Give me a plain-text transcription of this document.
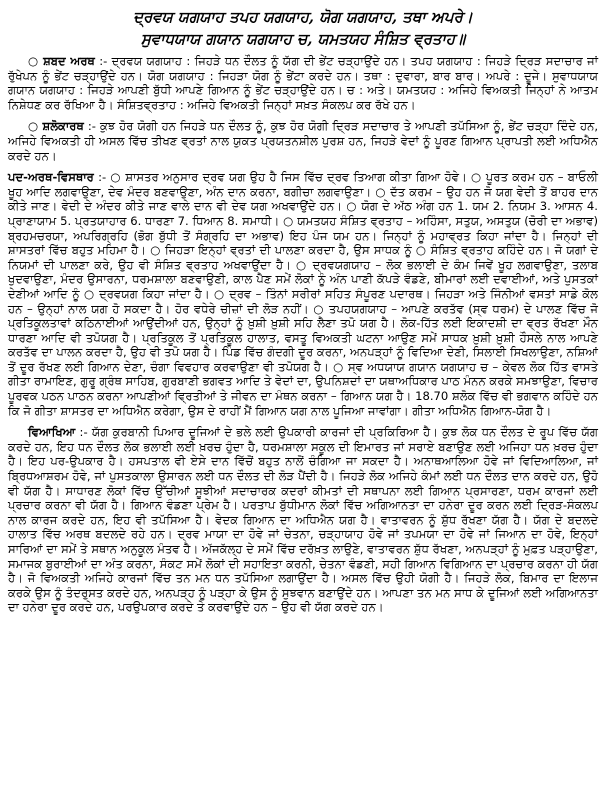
ਦ੍ਰਵਯ ਯਗਯਾਹ ਤਪਹ ਯਗਯਾਹ, ਯੋਗ ਯਗਯਾਹ, ਤਥਾ ਅਪਰੇ।

ਸੁਵਾਧਯਾਯ ਗਯਾਨ ਯਗਯਾਹ ਚ, ਯਮਤਯਹ ਸੰਸ਼ਿਤ ਵ੍ਰਤਾਹ॥

○ ਸ਼ਬਦ ਅਰਥ :- ਦ੍ਰਵਯ ਯਗਯਾਹ : ਜਿਹੜੇ ਧਨ ਦੌਲਤ ਨੂੰ ਯੱਗ ਦੀ ਭੇਂਟ ਚੜ੍ਹਾਉਂਦੇ ਹਨ। ਤਪਹ ਯਗਯਾਹ : ਜਿਹੜੇ ਦ੍ਰਿੜ ਸਦਾਚਾਰ ਜਾਂ ਰੁੱਖੇਪਨ ਨੂੰ ਭੇਂਟ ਚੜ੍ਹਾਉਂਦੇ ਹਨ। ਯੋਗ ਯਗਯਾਹ : ਜਿਹੜਾ ਯੋਗ ਨੂੰ ਭੇਂਟਾ ਕਰਦੇ ਹਨ। ਤਥਾ : ਦੁਵਾਰਾ, ਬਾਰ ਬਾਰ। ਅਪਰੇ : ਦੂਜੇ। ਸੁਵਾਧਯਾਯ ਗਯਾਨ ਯਗਯਾਹ : ਜਿਹੜੇ ਆਪਣੀ ਬੁੱਧੀ ਆਪਣੇ ਗਿਆਨ ਨੂੰ ਭੇਂਟ ਚੜ੍ਹਾਉਂਦੇ ਹਨ। ਚ : ਅਤੇ। ਯਮਤਯਹ : ਅਜਿਹੇ ਵਿਅਕਤੀ ਜਿਨ੍ਹਾਂ ਨੇ ਆਤਮ ਨਿਸ਼ੇਧਣ ਕਰ ਰੱਖਿਆ ਹੈ। ਸੰਸ਼ਿਤਵ੍ਰਤਾਹ : ਅਜਿਹੇ ਵਿਅਕਤੀ ਜਿਨ੍ਹਾਂ ਸਖ਼ਤ ਸੰਕਲਪ ਕਰ ਰੱਖੇ ਹਨ।

○ ਸ਼ਲੋਕਾਰਥ :- ਕੁਝ ਹੋਰ ਯੋਗੀ ਹਨ ਜਿਹੜੇ ਧਨ ਦੌਲਤ ਨੂੰ, ਕੁਝ ਹੋਰ ਯੋਗੀ ਦ੍ਰਿੜ ਸਦਾਚਾਰ ਤੇ ਆਪਣੀ ਤਪੱਸਿਆ ਨੂੰ, ਭੇਂਟ ਚੜ੍ਹਾ ਦਿੰਦੇ ਹਨ, ਅਜਿਹੇ ਵਿਅਕਤੀ ਹੀ ਅਸਲ ਵਿੱਚ ਤੀਖਣ ਵ੍ਰਤਾਂ ਨਾਲ ਯੁਕਤ ਪ੍ਰਯਤਨਸ਼ੀਲ ਪੁਰਸ਼ ਹਨ, ਜਿਹੜੇ ਵੇਦਾਂ ਨੂੰ ਪੂਰਣ ਗਿਆਨ ਪ੍ਰਾਪਤੀ ਲਈ ਅਧਿਐਨ ਕਰਦੇ ਹਨ।

ਪਦ-ਅਰਥ-ਵਿਸਥਾਰ :- ○ ਸ਼ਾਸਤਰ ਅਨੁਸਾਰ ਦ੍ਰਵ ਯਗ ਉਹ ਹੈ ਜਿਸ ਵਿੱਚ ਦ੍ਰਵ ਤਿਆਗ ਕੀਤਾ ਗਿਆ ਹੋਵੇ। ○ ਪੂਰਤ ਕਰਮ ਹਨ – ਬਾਓਲੀ ਖੂਹ ਆਦਿ ਲਗਵਾਉਣਾ, ਦੇਵ ਮੰਦਰ ਬਣਵਾਉਣਾ, ਅੰਨ ਦਾਨ ਕਰਨਾ, ਬਗੀਚਾ ਲਗਵਾਉਣਾ। ○ ਦੱਤ ਕਰਮ – ਉਹ ਹਨ ਜੋ ਯਗ ਵੇਦੀ ਤੋਂ ਬਾਹਰ ਦਾਨ ਕੀਤੇ ਜਾਣ। ਵੇਦੀ ਦੇ ਅੰਦਰ ਕੀਤੇ ਜਾਣ ਵਾਲੇ ਦਾਨ ਵੀ ਦੇਵ ਯਗ ਅਖਵਾਉਂਦੇ ਹਨ। ○ ਯੋਗ ਦੇ ਅੱਠ ਅੰਗ ਹਨ 1. ਯਮ 2. ਨਿਯਮ 3. ਆਸਨ 4. ਪ੍ਰਾਣਾਯਾਮ 5. ਪ੍ਰਤਯਾਹਾਰ 6. ਧਾਰਣਾ 7. ਧਿਆਨ 8. ਸਮਾਧੀ। ○ ਯਮਤਯਹ ਸੰਸ਼ਿਤ ਵ੍ਰਤਾਹ – ਅਹਿੰਸਾ, ਸਤੁਯ, ਅਸਤੁਯ (ਚੋਰੀ ਦਾ ਅਭਾਵ) ਬ੍ਰਹਮਚਰਯਾ, ਅਪਰਿਗ੍ਰਹਿ (ਭੋਗ ਬੁੱਧੀ ਤੋਂ ਸੰਗ੍ਰਹਿ ਦਾ ਅਭਾਵ) ਇਹ ਪੰਜ ਯਮ ਹਨ। ਜਿਨ੍ਹਾਂ ਨੂੰ ਮਹਾਵ੍ਰਤ ਕਿਹਾ ਜਾਂਦਾ ਹੈ। ਜਿਨ੍ਹਾਂ ਦੀ ਸ਼ਾਸਤਰਾਂ ਵਿੱਚ ਬਹੁਤ ਮਹਿਮਾ ਹੈ। ○ ਜਿਹੜਾ ਇਨ੍ਹਾਂ ਵ੍ਰਤਾਂ ਦੀ ਪਾਲਣਾ ਕਰਦਾ ਹੈ, ਉਸ ਸਾਧਕ ਨੂੰ ○ ਸੰਸ਼ਿਤ ਵ੍ਰਤਾਹ ਕਹਿੰਦੇ ਹਨ। ਜੋ ਯਗਾਂ ਦੇ ਨਿਯਮਾਂ ਦੀ ਪਾਲਣਾ ਕਰੇ, ਉਹ ਵੀ ਸੰਸ਼ਿਤ ਵ੍ਰਤਾਹ ਅਖਵਾਉਂਦਾ ਹੈ। ○ ਦ੍ਰਵਯਗਯਾਹ – ਲੋਕ ਭਲਾਈ ਦੇ ਕੰਮ ਜਿਵੇਂ ਖੂਹ ਲਗਵਾਉਣਾ, ਤਲਾਬ ਖੁਦਵਾਉਣਾ, ਮੰਦਰ ਉਸਾਰਨਾ, ਧਰਮਸ਼ਾਲਾ ਬਣਵਾਉਣੀ, ਕਾਲ ਪੈਣ ਸਮੇਂ ਲੋਕਾਂ ਨੂੰ ਅੰਨ ਪਾਣੀ ਕੱਪੜੇ ਵੰਡਣੇ, ਬੀਮਾਰਾਂ ਲਈ ਦਵਾਈਆਂ, ਅਤੇ ਪੁਸਤਕਾਂ ਦੇਣੀਆਂ ਆਦਿ ਨੂੰ ○ ਦ੍ਰਵਯਗ ਕਿਹਾ ਜਾਂਦਾ ਹੈ। ○ ਦ੍ਰਵ – ਤਿੰਨਾਂ ਸਰੀਰਾਂ ਸਹਿਤ ਸੰਪੂਰਣ ਪਦਾਰਥ। ਜਿਹੜਾ ਅਤੇ ਜਿੰਨੀਆਂ ਵਸਤਾਂ ਸਾਡੇ ਕੋਲ ਹਨ – ਉਨ੍ਹਾਂ ਨਾਲ ਯਗ ਹੋ ਸਕਦਾ ਹੈ। ਹੋਰ ਵਧੇਰੇ ਚੀਜ਼ਾਂ ਦੀ ਲੋੜ ਨਹੀਂ। ○ ਤਪਹਯਗਯਾਹ – ਆਪਣੇ ਕਰਤੱਵ (ਸ੍ਵ ਧਰਮ) ਦੇ ਪਾਲਣ ਵਿੱਚ ਜੋ ਪ੍ਰਤਿਕੂਲਤਾਵਾਂ ਕਠਿਨਾਈਆਂ ਆਉਂਦੀਆਂ ਹਨ, ਉਨ੍ਹਾਂ ਨੂੰ ਖ਼ੁਸ਼ੀ ਖ਼ੁਸ਼ੀ ਸਹਿ ਲੈਣਾ ਤਪੋ ਯਗ ਹੈ। ਲੋਕ-ਹਿੱਤ ਲਈ ਇਕਾਦਸ਼ੀ ਦਾ ਵ੍ਰਤ ਰੱਖਣਾ ਮੌਨ ਧਾਰਣਾ ਆਦਿ ਵੀ ਤਪੋਯਗ ਹੈ। ਪ੍ਰਤਿਕੂਲ ਤੋਂ ਪ੍ਰਤਿਕੂਲ ਹਾਲਾਤ, ਵਸਤੂ ਵਿਅਕਤੀ ਘਟਨਾ ਆਉਣ ਸਮੇਂ ਸਾਧਕ ਖ਼ੁਸ਼ੀ ਖ਼ੁਸ਼ੀ ਹੌਸਲੇ ਨਾਲ ਆਪਣੇ ਕਰਤੱਵ ਦਾ ਪਾਲਨ ਕਰਦਾ ਹੈ, ਉਹ ਵੀ ਤਪੋ ਯਗ ਹੈ। ਪਿੰਡ ਵਿੱਚ ਗੰਦਗੀ ਦੂਰ ਕਰਨਾ, ਅਨਪੜ੍ਹਾਂ ਨੂੰ ਵਿਦਿਆ ਦੇਣੀ, ਸਿਲਾਈ ਸਿਖਲਾਉਣਾ, ਨਸ਼ਿਆਂ ਤੋਂ ਦੂਰ ਰੱਖਣ ਲਈ ਗਿਆਨ ਦੇਣਾ, ਚੰਗਾ ਵਿਵਹਾਰ ਕਰਵਾਉਣਾ ਵੀ ਤਪੋਯਗ ਹੈ। ○ ਸ੍ਵ ਅਧਯਾਯ ਗਯਾਨ ਯਗਯਾਹ ਚ – ਕੇਵਲ ਲੋਕ ਹਿੱਤ ਵਾਸਤੇ ਗੀਤਾ ਰਾਮਾਇਣ, ਗੁਰੂ ਗ੍ਰੰਥ ਸਾਹਿਬ, ਗੁਰਬਾਣੀ ਭਗਵਤ ਆਦਿ ਤੇ ਵੇਦਾਂ ਦਾ, ਉਪਨਿਸ਼ਦਾਂ ਦਾ ਯਥਾਅਧਿਕਾਰ ਪਾਠ ਮੰਨਨ ਕਰਕੇ ਸਮਝਾਉਣਾ, ਵਿਚਾਰ ਪੂਰਵਕ ਪਠਨ ਪਾਠਨ ਕਰਨਾ ਆਪਣੀਆਂ ਵ੍ਰਿਤੀਆਂ ਤੇ ਜੀਵਨ ਦਾ ਮੰਥਨ ਕਰਨਾ – ਗਿਆਨ ਯਗ ਹੈ। 18.70 ਸ਼ਲੋਕ ਵਿੱਚ ਵੀ ਭਗਵਾਨ ਕਹਿੰਦੇ ਹਨ ਕਿ ਜੋ ਗੀਤਾ ਸ਼ਾਸਤਰ ਦਾ ਅਧਿਐਨ ਕਰੇਗਾ, ਉਸ ਦੇ ਰਾਹੀਂ ਮੈਂ ਗਿਆਨ ਯਗ ਨਾਲ ਪੂਜਿਆ ਜਾਵਾਂਗਾ। ਗੀਤਾ ਅਧਿਐਨ ਗਿਆਨ-ਯੋਗ ਹੈ।

ਵਿਆਖਿਆ :- ਯੱਗ ਕੁਰਬਾਨੀ ਪਿਆਰ ਦੂਜਿਆਂ ਦੇ ਭਲੇ ਲਈ ਉਪਕਾਰੀ ਕਾਰਜਾਂ ਦੀ ਪ੍ਰਕਿਰਿਆ ਹੈ। ਕੁਝ ਲੋਕ ਧਨ ਦੌਲਤ ਦੇ ਰੂਪ ਵਿੱਚ ਯੱਗ ਕਰਦੇ ਹਨ, ਇਹ ਧਨ ਦੌਲਤ ਲੋਕ ਭਲਾਈ ਲਈ ਖ਼ਰਚ ਹੁੰਦਾ ਹੈ, ਧਰਮਸ਼ਾਲਾ ਸਕੂਲ ਦੀ ਇਮਾਰਤ ਜਾਂ ਸਰਾਏ ਬਣਾਉਣ ਲਈ ਅਜਿਹਾ ਧਨ ਖ਼ਰਚ ਹੁੰਦਾ ਹੈ। ਇਹ ਪਰ-ਉਪਕਾਰ ਹੈ। ਹਸਪਤਾਲ ਵੀ ਏਸੇ ਦਾਨ ਵਿੱਚੋਂ ਬਹੁਤ ਨਾਲੋਂ ਚੰਗਿਆ ਜਾ ਸਕਦਾ ਹੈ। ਅਨਾਥਆਲਿਆ ਹੋਵੇ ਜਾਂ ਵਿਦਿਆਲਿਆ, ਜਾਂ ਬ੍ਰਿਧਆਸ਼ਰਮ ਹੋਵੇ, ਜਾਂ ਪੁਸਤਕਾਲਾ ਉਸਾਰਨ ਲਈ ਧਨ ਦੌਲਤ ਦੀ ਲੋੜ ਪੈਂਦੀ ਹੈ। ਜਿਹੜੇ ਲੋਕ ਅਜਿਹੇ ਕੰਮਾਂ ਲਈ ਧਨ ਦੌਲਤ ਦਾਨ ਕਰਦੇ ਹਨ, ਉਹੋ ਵੀ ਯੱਗ ਹੈ। ਸਾਧਾਰਣ ਲੋਕਾਂ ਵਿੱਚ ਉੱਚੀਆਂ ਸੂਝੀਆਂ ਸਦਾਚਾਰਕ ਕਦਰਾਂ ਕੀਮਤਾਂ ਦੀ ਸਥਾਪਨਾ ਲਈ ਗਿਆਨ ਪ੍ਰਸਾਰਣਾ, ਧਰਮ ਕਾਰਜਾਂ ਲਈ ਪ੍ਰਚਾਰ ਕਰਨਾ ਵੀ ਯੱਗ ਹੈ। ਗਿਆਨ ਵੰਡਣਾ ਪ੍ਰੇਮ ਹੈ। ਪਰਤਾਪ ਬੁੱਧੀਮਾਨ ਲੋਕਾਂ ਵਿੱਚ ਅਗਿਆਨਤਾ ਦਾ ਹਨੇਰਾ ਦੂਰ ਕਰਨ ਲਈ ਦ੍ਰਿੜ-ਸੰਕਲਪ ਨਾਲ ਕਾਰਜ ਕਰਦੇ ਹਨ, ਇਹ ਵੀ ਤਪੱਸਿਆ ਹੈ। ਵੇਦਕ ਗਿਆਨ ਦਾ ਅਧਿਐਨ ਯਗ ਹੈ। ਵਾਤਾਵਰਨ ਨੂੰ ਸ਼ੁੱਧ ਰੱਖਣਾ ਯੱਗ ਹੈ। ਯੱਗ ਦੇ ਬਦਲਦੇ ਹਾਲਾਤ ਵਿੱਚ ਅਰਥ ਬਦਲਦੇ ਰਹੇ ਹਨ। ਦ੍ਰਵ ਮਾਯਾ ਦਾ ਹੋਵੇ ਜਾਂ ਚੇਤਨਾ, ਚੜ੍ਹਾਯਾਹ ਹੋਵੇ ਜਾਂ ਤਪਮਯਾ ਦਾ ਹੋਵੇ ਜਾਂ ਜਿਆਨ ਦਾ ਹੋਵੇ, ਇਨ੍ਹਾਂ ਸਾਰਿਆਂ ਦਾ ਸਮੇਂ ਤੇ ਸਥਾਨ ਅਨੁਕੂਲ ਮੰਤਵ ਹੈ। ਅੱਜਕੱਲ੍ਹ ਦੇ ਸਮੇਂ ਵਿੱਚ ਦਰੱਖ਼ਤ ਲਾਉਣੇ, ਵਾਤਾਵਰਨ ਸ਼ੁੱਧ ਰੱਖਣਾ, ਅਨਪੜ੍ਹਾਂ ਨੂੰ ਮੁਫ਼ਤ ਪੜ੍ਹਾਉਣਾ, ਸਮਾਜਕ ਬੁਰਾਈਆਂ ਦਾ ਅੰਤ ਕਰਨਾ, ਸੰਕਟ ਸਮੇਂ ਲੋਕਾਂ ਦੀ ਸਹਾਇਤਾ ਕਰਨੀ, ਚੇਤਨਾ ਵੰਡਣੀ, ਸਹੀ ਗਿਆਨ ਵਿਗਿਆਨ ਦਾ ਪ੍ਰਚਾਰ ਕਰਨਾ ਹੀ ਯੱਗ ਹੈ। ਜੋ ਵਿਅਕਤੀ ਅਜਿਹੇ ਕਾਰਜਾਂ ਵਿੱਚ ਤਨ ਮਨ ਧਨ ਤਪੱਸਿਆ ਲਗਾਉਂਦਾ ਹੈ। ਅਸਲ ਵਿੱਚ ਉਹੀ ਯੋਗੀ ਹੈ। ਜਿਹੜੇ ਲੋਕ, ਬਿਮਾਰ ਦਾ ਇਲਾਜ ਕਰਕੇ ਉਸ ਨੂੰ ਤੰਦਰੁਸਤ ਕਰਦੇ ਹਨ, ਅਨਪੜ੍ਹ ਨੂੰ ਪੜ੍ਹਾ ਕੇ ਉਸ ਨੂੰ ਸੁਝਵਾਨ ਬਣਾਉਂਦੇ ਹਨ। ਆਪਣਾ ਤਨ ਮਨ ਸਾਧ ਕੇ ਦੂਜਿਆਂ ਲਈ ਅਗਿਆਨਤਾ ਦਾ ਹਨੇਰਾ ਦੂਰ ਕਰਦੇ ਹਨ, ਪਰਉਪਕਾਰ ਕਰਦੇ ਤੇ ਕਰਵਾਉਂਦੇ ਹਨ – ਉਹ ਵੀ ਯੱਗ ਕਰਦੇ ਹਨ।
